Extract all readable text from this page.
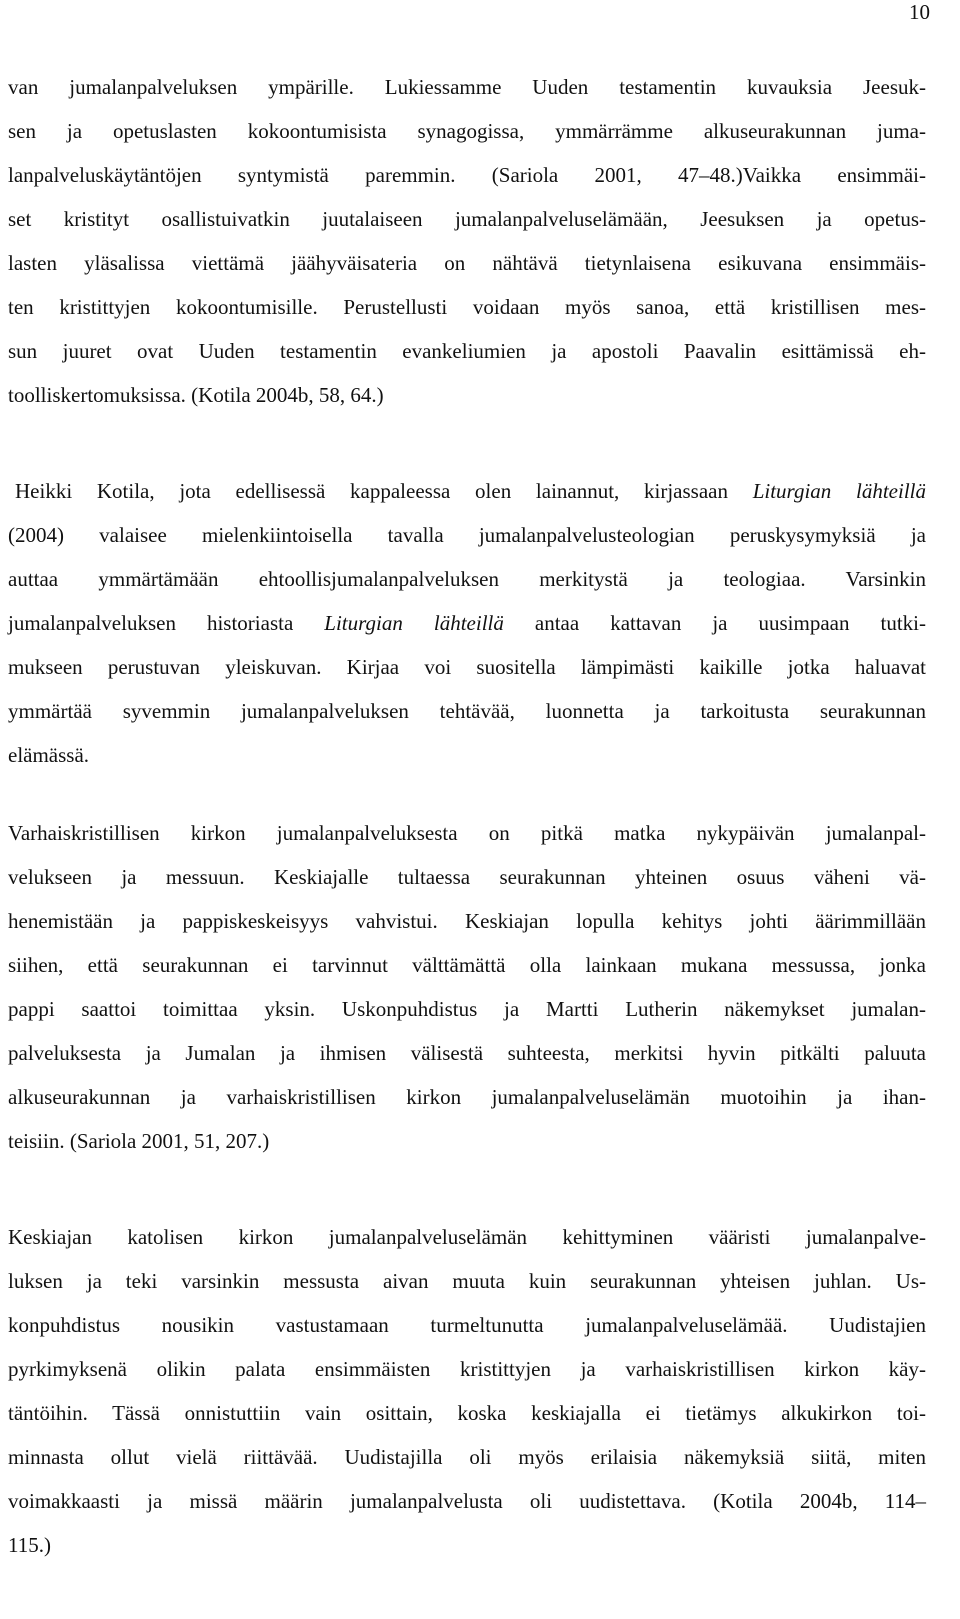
10
van jumalanpalveluksen ympärille. Lukiessamme Uuden testamentin kuvauksia Jeesuk-
sen ja opetuslasten kokoontumisista synagogissa, ymmärrämme alkuseurakunnan juma-
lanpalveluskäytäntöjen syntymistä paremmin. (Sariola 2001, 47–48.)Vaikka ensimmäi-
set kristityt osallistuivatkin juutalaiseen jumalanpalveluselämään, Jeesuksen ja opetus-
lasten yläsalissa viettämä jäähyväisateria on nähtävä tietynlaisena esikuvana ensimmäis-
ten kristittyjen kokoontumisille. Perustellusti voidaan myös sanoa, että kristillisen mes-
sun juuret ovat Uuden testamentin evankeliumien ja apostoli Paavalin esittämissä eh-
toolliskertomuksissa. (Kotila 2004b, 58, 64.)
Heikki Kotila, jota edellisessä kappaleessa olen lainannut, kirjassaan Liturgian lähteillä
(2004) valaisee mielenkiintoisella tavalla jumalanpalvelusteologian peruskysymyksiä ja
auttaa ymmärtämään ehtoollisjumalanpalveluksen merkitystä ja teologiaa. Varsinkin
jumalanpalveluksen historiasta Liturgian lähteillä antaa kattavan ja uusimpaan tutki-
mukseen perustuvan yleiskuvan. Kirjaa voi suositella lämpimästi kaikille jotka haluavat
ymmärtää syvemmin jumalanpalveluksen tehtävää, luonnetta ja tarkoitusta seurakunnan
elämässä.
Varhaiskristillisen kirkon jumalanpalveluksesta on pitkä matka nykypäivän jumalanpal-
velukseen ja messuun. Keskiajalle tultaessa seurakunnan yhteinen osuus väheni vä-
henemistään ja pappiskeskeisyys vahvistui. Keskiajan lopulla kehitys johti äärimmillään
siihen, että seurakunnan ei tarvinnut välttämättä olla lainkaan mukana messussa, jonka
pappi saattoi toimittaa yksin. Uskonpuhdistus ja Martti Lutherin näkemykset jumalan-
palveluksesta ja Jumalan ja ihmisen välisestä suhteesta, merkitsi hyvin pitkälti paluuta
alkuseurakunnan ja varhaiskristillisen kirkon jumalanpalveluselämän muotoihin ja ihan-
teisiin. (Sariola 2001, 51, 207.)
Keskiajan katolisen kirkon jumalanpalveluselämän kehittyminen vääristi jumalanpalve-
luksen ja teki varsinkin messusta aivan muuta kuin seurakunnan yhteisen juhlan. Us-
konpuhdistus nousikin vastustamaan turmeltunutta jumalanpalveluselämää. Uudistajien
pyrkimyksenä olikin palata ensimmäisten kristittyjen ja varhaiskristillisen kirkon käy-
täntöihin. Tässä onnistuttiin vain osittain, koska keskiajalla ei tietämys alkukirkon toi-
minnasta ollut vielä riittävää. Uudistajilla oli myös erilaisia näkemyksiä siitä, miten
voimakkaasti ja missä määrin jumalanpalvelusta oli uudistettava. (Kotila 2004b, 114–
115.)
